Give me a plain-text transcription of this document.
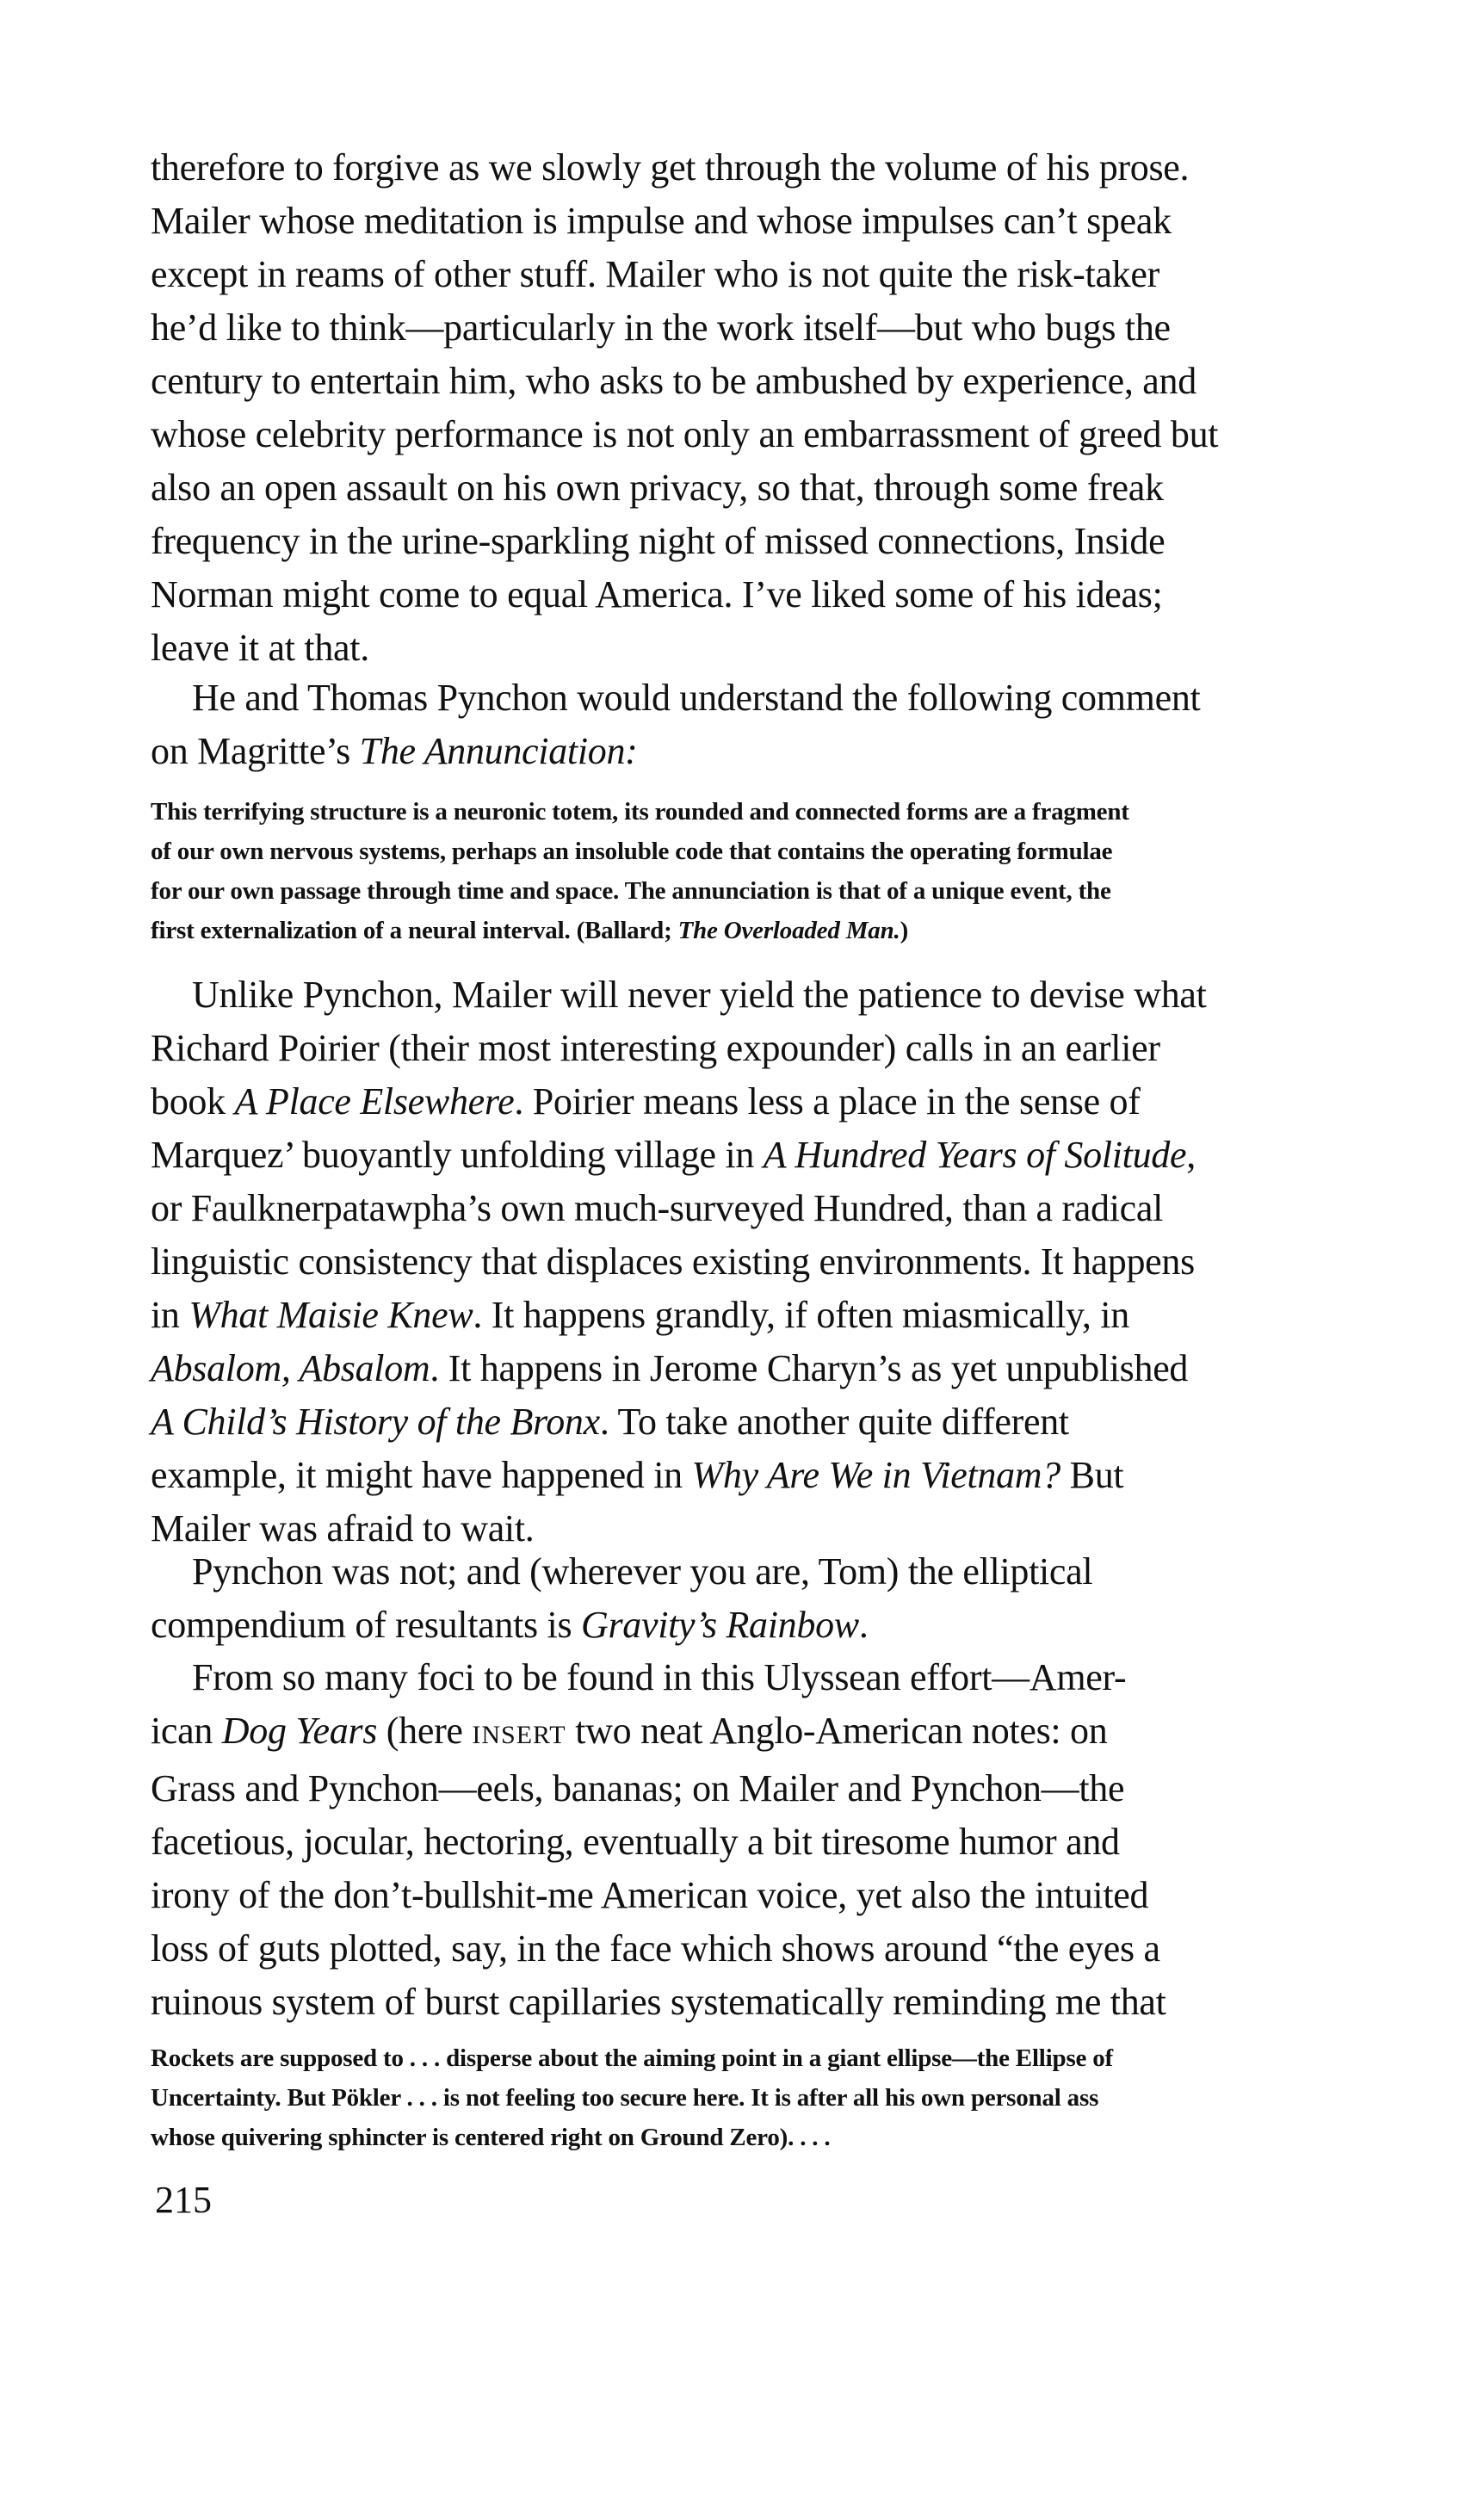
therefore to forgive as we slowly get through the volume of his prose.

Mailer whose meditation is impulse and whose impulses can’t speak

except in reams of other stuff. Mailer who is not quite the risk-taker

he’d like to think—particularly in the work itself—but who bugs the

century to entertain him, who asks to be ambushed by experience, and

whose celebrity performance is not only an embarrassment of greed but

also an open assault on his own privacy, so that, through some freak

frequency in the urine-sparkling night of missed connections, Inside

Norman might come to equal America. I’ve liked some of his ideas;

leave it at that.

He and Thomas Pynchon would understand the following comment

on Magritte’s The Annunciation:

This terrifying structure is a neuronic totem, its rounded and connected forms are a fragment

of our own nervous systems, perhaps an insoluble code that contains the operating formulae

for our own passage through time and space. The annunciation is that of a unique event, the

first externalization of a neural interval. (Ballard; The Overloaded Man.)

Unlike Pynchon, Mailer will never yield the patience to devise what

Richard Poirier (their most interesting expounder) calls in an earlier

book A Place Elsewhere. Poirier means less a place in the sense of

Marquez’ buoyantly unfolding village in A Hundred Years of Solitude,

or Faulknerpatawpha’s own much-surveyed Hundred, than a radical

linguistic consistency that displaces existing environments. It happens

in What Maisie Knew. It happens grandly, if often miasmically, in

Absalom, Absalom. It happens in Jerome Charyn’s as yet unpublished

A Child’s History of the Bronx. To take another quite different

example, it might have happened in Why Are We in Vietnam? But

Mailer was afraid to wait.

Pynchon was not; and (wherever you are, Tom) the elliptical

compendium of resultants is Gravity’s Rainbow.

From so many foci to be found in this Ulyssean effort—Amer-

ican Dog Years (here INSERT two neat Anglo-American notes: on

Grass and Pynchon—eels, bananas; on Mailer and Pynchon—the

facetious, jocular, hectoring, eventually a bit tiresome humor and

irony of the don’t-bullshit-me American voice, yet also the intuited

loss of guts plotted, say, in the face which shows around “the eyes a

ruinous system of burst capillaries systematically reminding me that

Rockets are supposed to . . . disperse about the aiming point in a giant ellipse—the Ellipse of

Uncertainty. But Pökler . . . is not feeling too secure here. It is after all his own personal ass

whose quivering sphincter is centered right on Ground Zero). . . .

215
